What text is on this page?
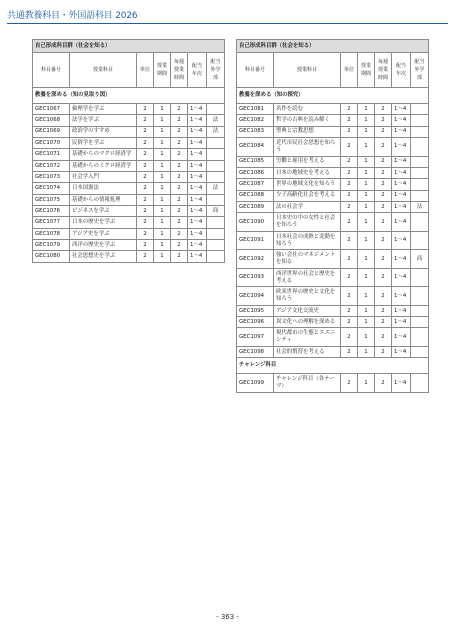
共通教養科目・外国語科目 2026
自己形成科目群（社会を知る）						
科目番号	授業科目	単位	授業期間	毎週授業時間	配当年次	配当外学部
教養を深める（知の見取り図）						
GEC1067	倫理学を学ぶ	2	1	2	1〜4	
GEC1068	法学を学ぶ	2	1	2	1〜4	法
GEC1069	政治学のすすめ	2	1	2	1〜4	法
GEC1070	民俗学を学ぶ	2	1	2	1〜4	
GEC1071	基礎からのマクロ経済学	2	1	2	1〜4	
GEC1072	基礎からのミクロ経済学	2	1	2	1〜4	
GEC1073	社会学入門	2	1	2	1〜4	
GEC1074	日本国憲法	2	1	2	1〜4	法
GEC1075	基礎からの情報処理	2	1	2	1〜4	
GEC1076	ビジネスを学ぶ	2	1	2	1〜4	商
GEC1077	日本の歴史を学ぶ	2	1	2	1〜4	
GEC1078	アジア史を学ぶ	2	1	2	1〜4	
GEC1079	西洋の歴史を学ぶ	2	1	2	1〜4	
GEC1080	社会思想史を学ぶ	2	1	2	1〜4	
自己形成科目群（社会を知る）						
科目番号	授業科目	単位	授業期間	毎週授業時間	配当年次	配当外学部
教養を深める（知の探究）						
GEC1081	名作を読む	2	1	2	1〜4	
GEC1082	哲学の古典を読み解く	2	1	2	1〜4	
GEC1083	聖典と宗教思想	2	1	2	1〜4	
GEC1084	近代市民社会思想を知ろう	2	1	2	1〜4	
GEC1085	労働と雇用を考える	2	1	2	1〜4	
GEC1086	日本の地域史を考える	2	1	2	1〜4	
GEC1087	世界の地域文化を知ろう	2	1	2	1〜4	
GEC1088	少子高齢化社会を考える	2	1	2	1〜4	
GEC1089	法の社会学	2	1	2	1〜4	法
GEC1090	日本史の中の女性と社会を知ろう	2	1	2	1〜4	
GEC1091	日本社会の成熟と変動を知ろう	2	1	2	1〜4	
GEC1092	強い会社のマネジメントを知る	2	1	2	1〜4	商
GEC1093	西洋世界の社会と歴史を考える	2	1	2	1〜4	
GEC1094	欧米世界の歴史と文化を知ろう	2	1	2	1〜4	
GEC1095	アジア文化交流史	2	1	2	1〜4	
GEC1096	異文化への理解を深める	2	1	2	1〜4	
GEC1097	現代都市の生態とエスニシティ	2	1	2	1〜4	
GEC1098	社会的慣習を考える	2	1	2	1〜4	
チャレンジ科目						
GEC1099	チャレンジ科目（各テーマ）	2	1	2	1〜4	
- 363 -
